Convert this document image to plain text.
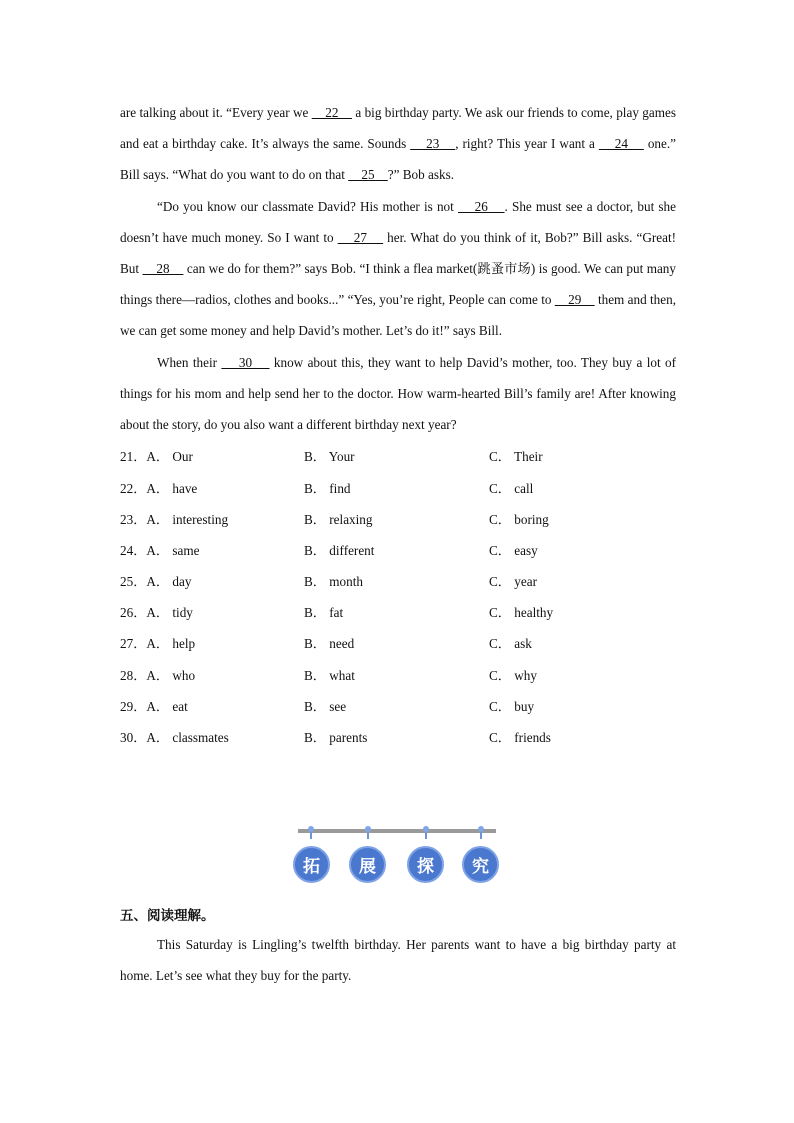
are talking about it. “Every year we     22     a big birthday party. We ask our friends to come, play games and eat a birthday cake. It’s always the same. Sounds     23    , right? This year I want a     24     one.” Bill says. “What do you want to do on that     25    ?” Bob asks.

“Do you know our classmate David? His mother is not     26    . She must see a doctor, but she doesn’t have much money. So I want to     27     her. What do you think of it, Bob?” Bill asks. “Great! But     28     can we do for them?” says Bob. “I think a flea market(跳蚤市场) is good. We can put many things there—radios, clothes and books...” “Yes, you’re right, People can come to     29     them and then, we can get some money and help David’s mother. Let’s do it!” says Bill.

When their     30     know about this, they want to help David’s mother, too. They buy a lot of things for his mom and help send her to the doctor. How warm-hearted Bill’s family are! After knowing about the story, do you also want a different birthday next year?

21．A． Our	B． Your	C． Their
22．A． have	B． find	C． call
23．A． interesting	B． relaxing	C． boring
24．A． same	B． different	C． easy
25．A． day	B． month	C． year
26．A． tidy	B． fat	C． healthy
27．A． help	B． need	C． ask
28．A． who	B． what	C． why
29．A． eat	B． see	C． buy
30．A． classmates	B． parents	C． friends
拓	展	探	究
五、阅读理解。

This Saturday is Lingling’s twelfth birthday. Her parents want to have a big birthday party at home. Let’s see what they buy for the party.
